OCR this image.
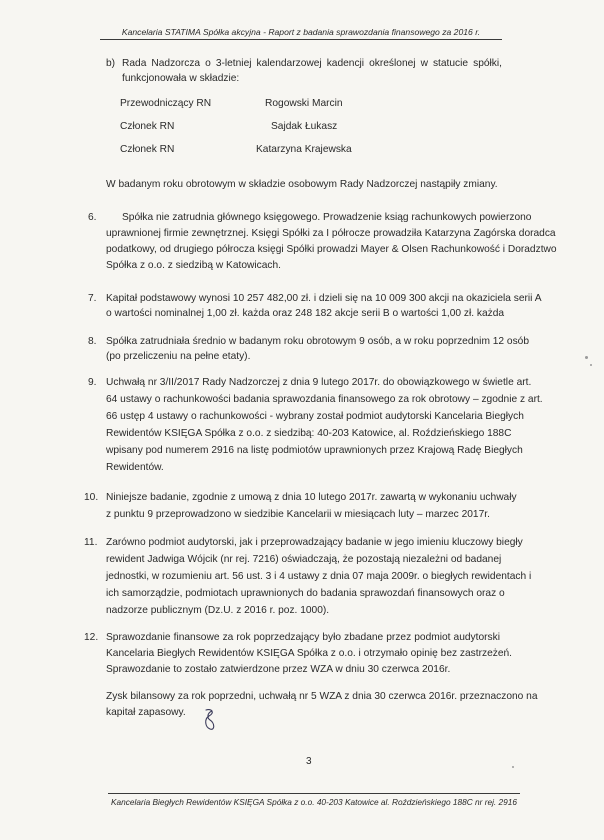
Kancelaria STATIMA Spółka akcyjna - Raport z badania sprawozdania finansowego za 2016 r.
b) Rada Nadzorcza o 3-letniej kalendarzowej kadencji określonej w statucie spółki,
funkcjonowała w składzie:
Przewodniczący RN	Rogowski Marcin
Członek RN	Sajdak Łukasz
Członek RN	Katarzyna Krajewska
W badanym roku obrotowym w składzie osobowym Rady Nadzorczej nastąpiły zmiany.
6.	Spółka nie zatrudnia głównego księgowego. Prowadzenie ksiąg rachunkowych powierzono
uprawnionej firmie zewnętrznej. Księgi Spółki za I półrocze prowadziła Katarzyna Zagórska doradca
podatkowy, od drugiego półrocza księgi Spółki prowadzi Mayer & Olsen Rachunkowość i Doradztwo
Spółka z o.o. z siedzibą w Katowicach.
7. Kapitał podstawowy wynosi 10 257 482,00 zł. i dzieli się na 10 009 300 akcji na okaziciela serii A
o wartości nominalnej 1,00 zł. każda oraz 248 182 akcje serii B o wartości 1,00 zł. każda
8. Spółka zatrudniała średnio w badanym roku obrotowym 9 osób, a w roku poprzednim 12 osób
(po przeliczeniu na pełne etaty).
9. Uchwałą nr 3/II/2017 Rady Nadzorczej z dnia 9 lutego 2017r. do obowiązkowego w świetle art.
64 ustawy o rachunkowości badania sprawozdania finansowego za rok obrotowy – zgodnie z art.
66 ustęp 4 ustawy o rachunkowości - wybrany został podmiot audytorski Kancelaria Biegłych
Rewidentów KSIĘGA Spółka z o.o. z siedzibą: 40-203 Katowice, al. Roździeńskiego 188C
wpisany pod numerem 2916 na listę podmiotów uprawnionych przez Krajową Radę Biegłych
Rewidentów.
10. Niniejsze badanie, zgodnie z umową z dnia 10 lutego 2017r. zawartą w wykonaniu uchwały
z punktu 9 przeprowadzono w siedzibie Kancelarii w miesiącach luty – marzec 2017r.
11. Zarówno podmiot audytorski, jak i przeprowadzający badanie w jego imieniu kluczowy biegły
rewident Jadwiga Wójcik (nr rej. 7216) oświadczają, że pozostają niezależni od badanej
jednostki, w rozumieniu art. 56 ust. 3 i 4 ustawy z dnia 07 maja 2009r. o biegłych rewidentach i
ich samorządzie, podmiotach uprawnionych do badania sprawozdań finansowych oraz o
nadzorze publicznym (Dz.U. z 2016 r. poz. 1000).
12. Sprawozdanie finansowe za rok poprzedzający było zbadane przez podmiot audytorski
Kancelaria Biegłych Rewidentów KSIĘGA Spółka z o.o. i otrzymało opinię bez zastrzeżeń.
Sprawozdanie to zostało zatwierdzone przez WZA w dniu 30 czerwca 2016r.
Zysk bilansowy za rok poprzedni, uchwałą nr 5 WZA z dnia 30 czerwca 2016r. przeznaczono na
kapitał zapasowy.
3
Kancelaria Biegłych Rewidentów KSIĘGA Spółka z o.o. 40-203 Katowice al. Roździeńskiego 188C nr rej. 2916
